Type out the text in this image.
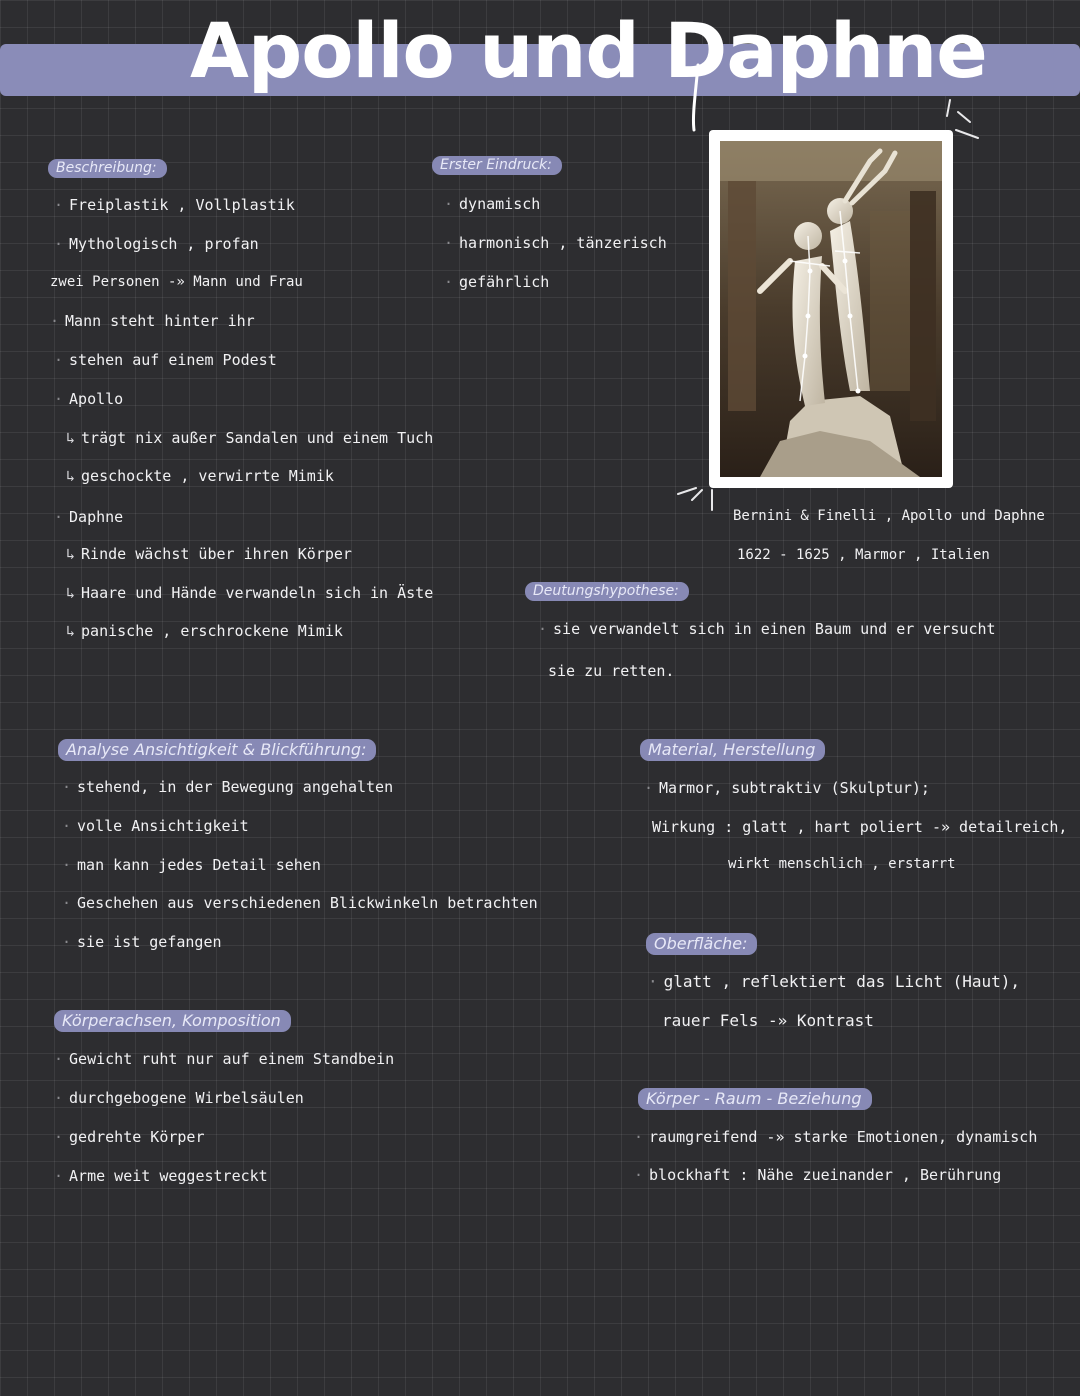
Apollo und Daphne
Beschreibung:
· Freiplastik , Vollplastik
· Mythologisch , profan
zwei Personen -» Mann und Frau
· Mann steht hinter ihr
· stehen auf einem Podest
· Apollo
↳ trägt nix außer Sandalen und einem Tuch
↳ geschockte , verwirrte Mimik
· Daphne
↳ Rinde wächst über ihren Körper
↳ Haare und Hände verwandeln sich in Äste
↳ panische , erschrockene Mimik
Erster Eindruck:
· dynamisch
· harmonisch , tänzerisch
· gefährlich
Bernini & Finelli , Apollo und Daphne
1622 - 1625 , Marmor , Italien
Deutungshypothese:
· sie verwandelt sich in einen Baum und er versucht
sie zu retten.
Analyse Ansichtigkeit & Blickführung:
· stehend, in der Bewegung angehalten
· volle Ansichtigkeit
· man kann jedes Detail sehen
· Geschehen aus verschiedenen Blickwinkeln betrachten
· sie ist gefangen
Körperachsen, Komposition
· Gewicht ruht nur auf einem Standbein
· durchgebogene Wirbelsäulen
· gedrehte Körper
· Arme weit weggestreckt
Material, Herstellung
· Marmor, subtraktiv (Skulptur);
Wirkung : glatt , hart poliert -» detailreich,
wirkt menschlich , erstarrt
Oberfläche:
· glatt , reflektiert das Licht (Haut),
rauer Fels -» Kontrast
Körper - Raum - Beziehung
· raumgreifend -» starke Emotionen, dynamisch
· blockhaft : Nähe zueinander , Berührung
